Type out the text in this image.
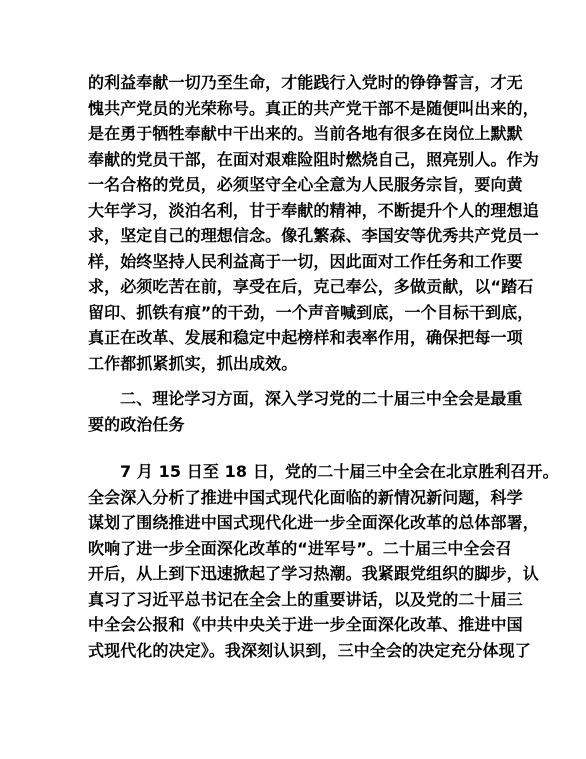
的利益奉献一切乃至生命，才能践行入党时的铮铮誓言，才无
愧共产党员的光荣称号。真正的共产党干部不是随便叫出来的，
是在勇于牺牲奉献中干出来的。当前各地有很多在岗位上默默
奉献的党员干部，在面对艰难险阻时燃烧自己，照亮别人。作为
一名合格的党员，必须坚守全心全意为人民服务宗旨，要向黄
大年学习，淡泊名利，甘于奉献的精神，不断提升个人的理想追
求，坚定自己的理想信念。像孔繁森、李国安等优秀共产党员一
样，始终坚持人民利益高于一切，因此面对工作任务和工作要
求，必须吃苦在前，享受在后，克己奉公，多做贡献，以“踏石
留印、抓铁有痕”的干劲，一个声音喊到底，一个目标干到底，
真正在改革、发展和稳定中起榜样和表率作用，确保把每一项
工作都抓紧抓实，抓出成效。
二、理论学习方面，深入学习党的二十届三中全会是最重
要的政治任务
7 月 15 日至 18 日，党的二十届三中全会在北京胜利召开。
全会深入分析了推进中国式现代化面临的新情况新问题，科学
谋划了围绕推进中国式现代化进一步全面深化改革的总体部署，
吹响了进一步全面深化改革的“进军号”。二十届三中全会召
开后，从上到下迅速掀起了学习热潮。我紧跟党组织的脚步，认
真习了习近平总书记在全会上的重要讲话，以及党的二十届三
中全会公报和《中共中央关于进一步全面深化改革、推进中国
式现代化的决定》。我深刻认识到，三中全会的决定充分体现了
